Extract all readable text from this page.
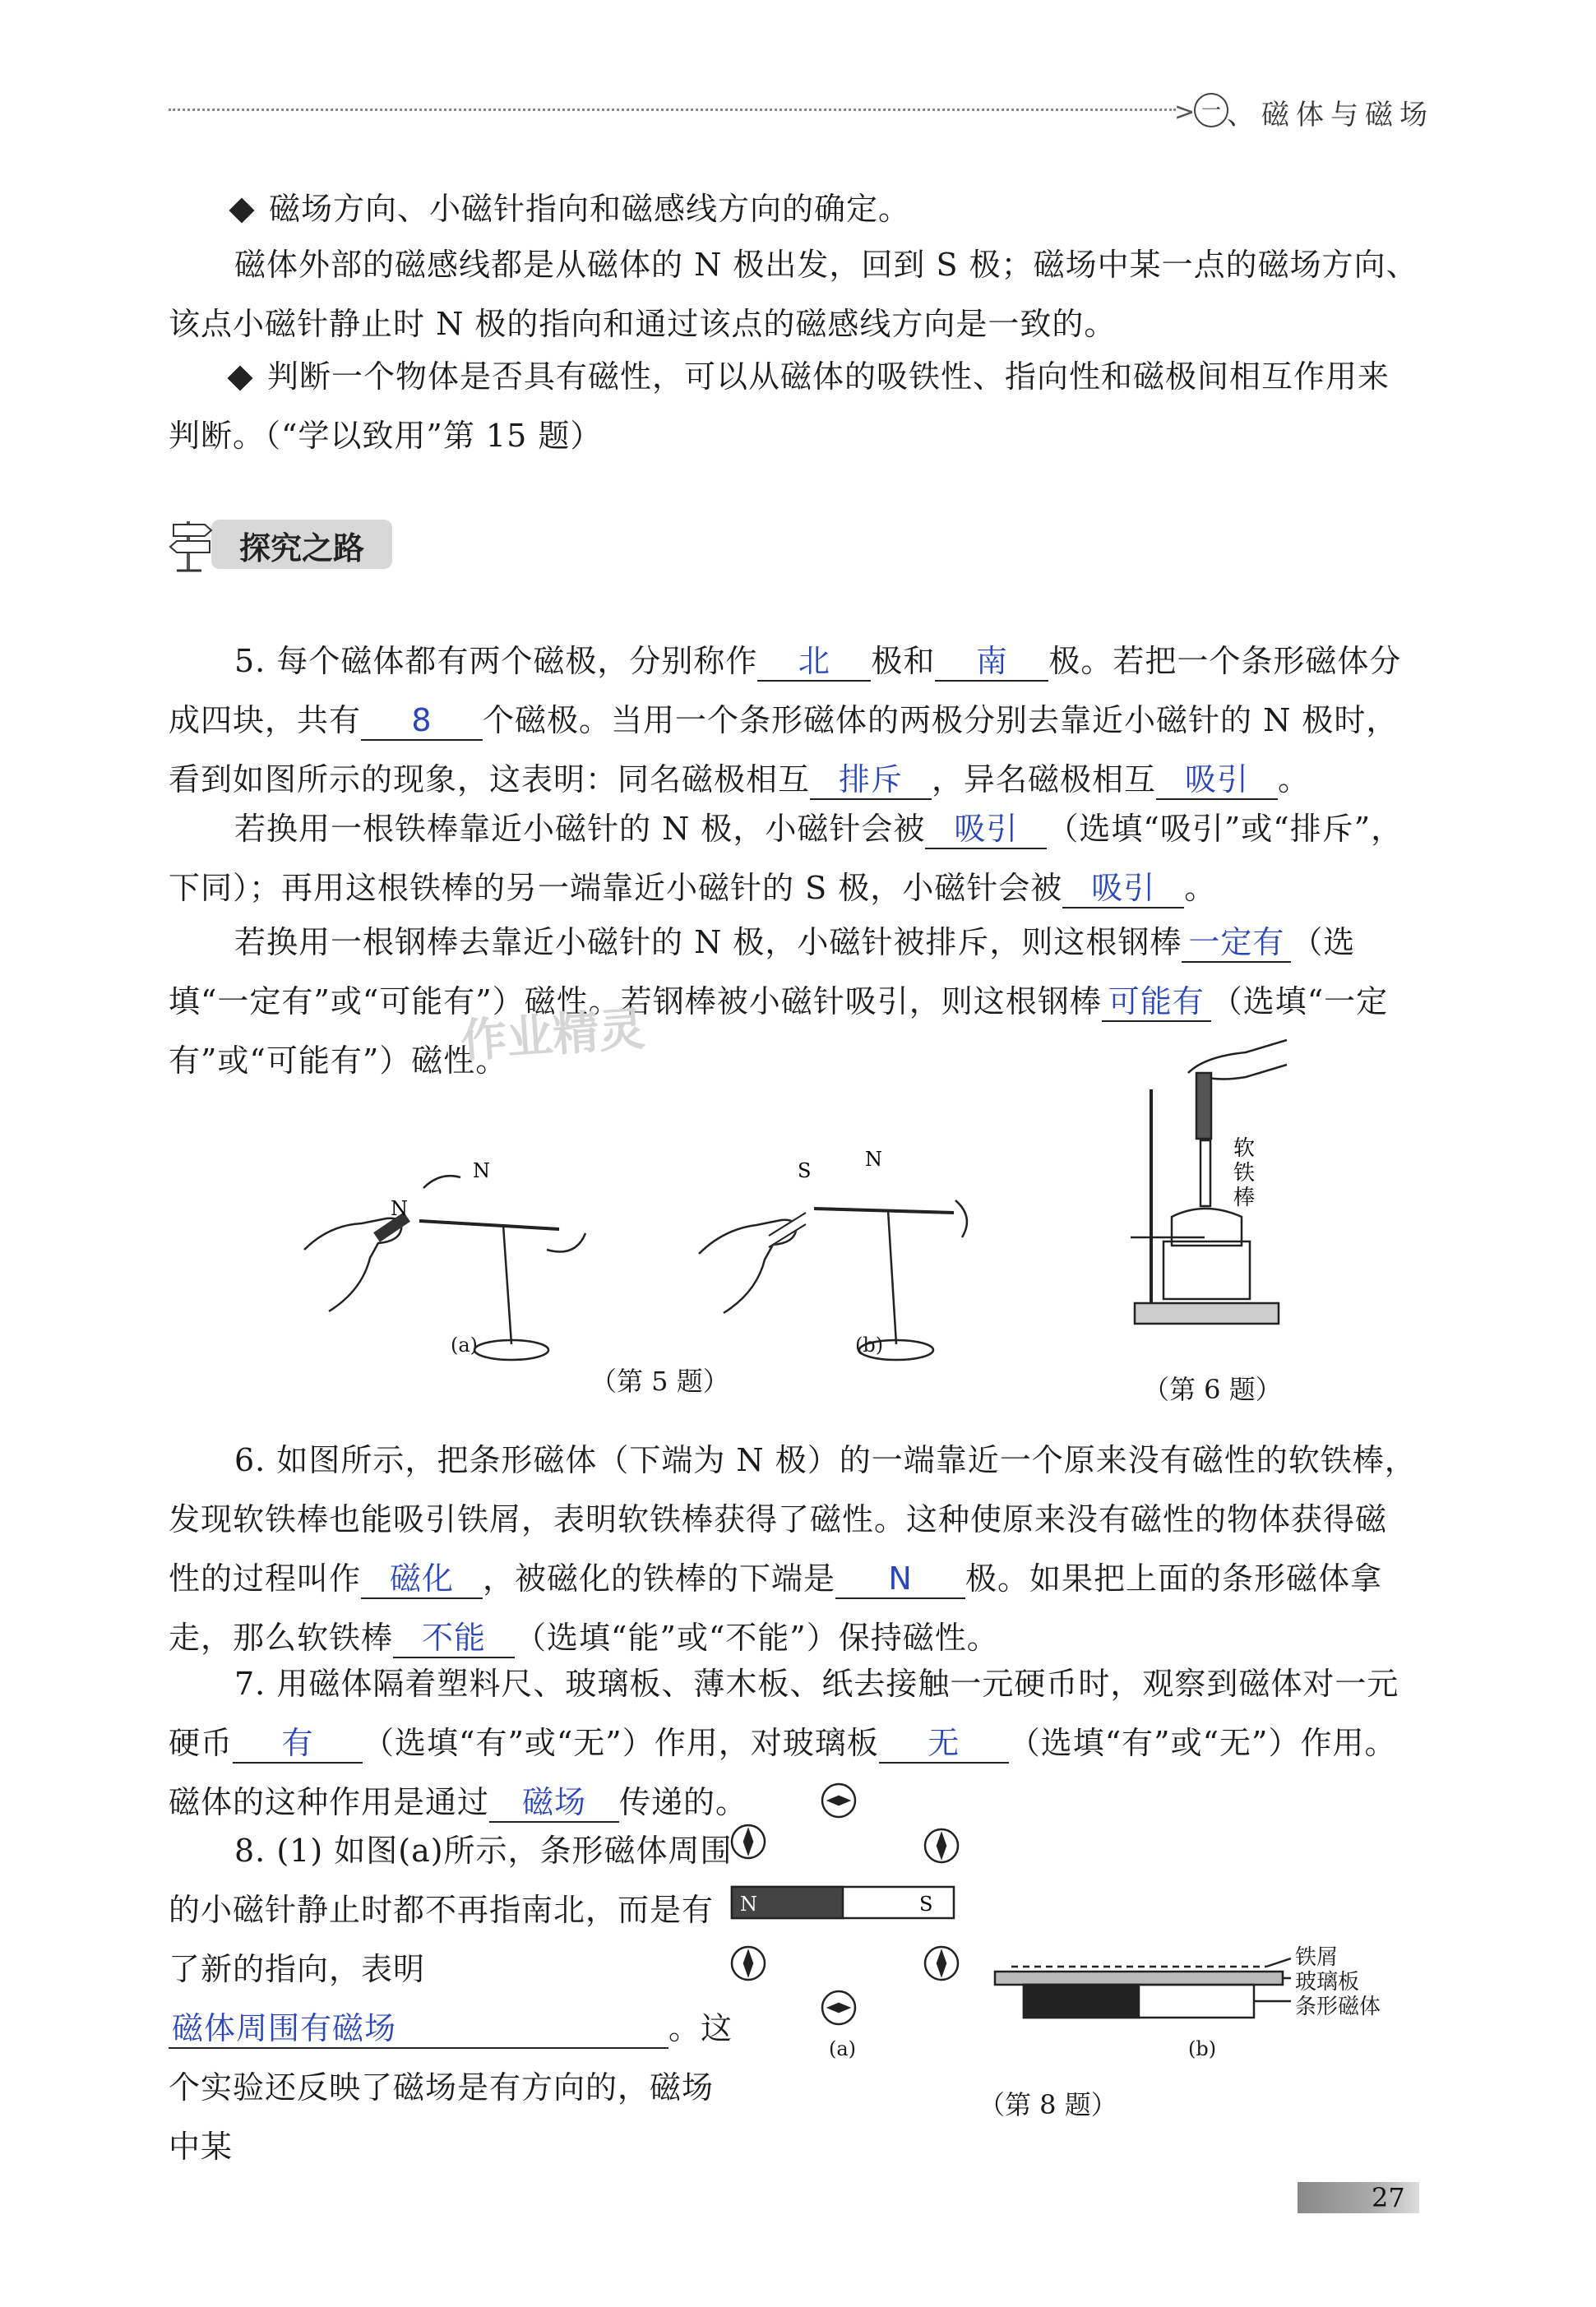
> 一 、磁体与磁场
磁场方向、小磁针指向和磁感线方向的确定。
磁体外部的磁感线都是从磁体的 N 极出发，回到 S 极；磁场中某一点的磁场方向、该点小磁针静止时 N 极的指向和通过该点的磁感线方向是一致的。
判断一个物体是否具有磁性，可以从磁体的吸铁性、指向性和磁极间相互作用来判断。（“学以致用”第 15 题）
探究之路
5. 每个磁体都有两个磁极，分别称作 北 极和 南 极。若把一个条形磁体分成四块，共有 8 个磁极。当用一个条形磁体的两极分别去靠近小磁针的 N 极时，看到如图所示的现象，这表明：同名磁极相互 排斥 ，异名磁极相互 吸引 。
若换用一根铁棒靠近小磁针的 N 极，小磁针会被 吸引 （选填“吸引”或“排斥”，下同）；再用这根铁棒的另一端靠近小磁针的 S 极，小磁针会被 吸引 。
若换用一根钢棒去靠近小磁针的 N 极，小磁针被排斥，则这根钢棒 一定有 （选填“一定有”或“可能有”）磁性。若钢棒被小磁针吸引，则这根钢棒 可能有 （选填“一定有”或“可能有”）磁性。
作业精灵
N
N
(a)
S	N
(b)
（第 5 题）
软
铁
棒
（第 6 题）
6. 如图所示，把条形磁体（下端为 N 极）的一端靠近一个原来没有磁性的软铁棒，发现软铁棒也能吸引铁屑，表明软铁棒获得了磁性。这种使原来没有磁性的物体获得磁性的过程叫作 磁化 ，被磁化的铁棒的下端是 N 极。如果把上面的条形磁体拿走，那么软铁棒 不能 （选填“能”或“不能”）保持磁性。
7. 用磁体隔着塑料尺、玻璃板、薄木板、纸去接触一元硬币时，观察到磁体对一元硬币 有 （选填“有”或“无”）作用，对玻璃板 无 （选填“有”或“无”）作用。磁体的这种作用是通过 磁场 传递的。
8. (1) 如图(a)所示，条形磁体周围的小磁针静止时都不再指南北，而是有了新的指向，表明磁体周围有磁场	。这个实验还反映了磁场是有方向的，磁场中某
N	S
(a)
铁屑
玻璃板
条形磁体
(b)
（第 8 题）
27
